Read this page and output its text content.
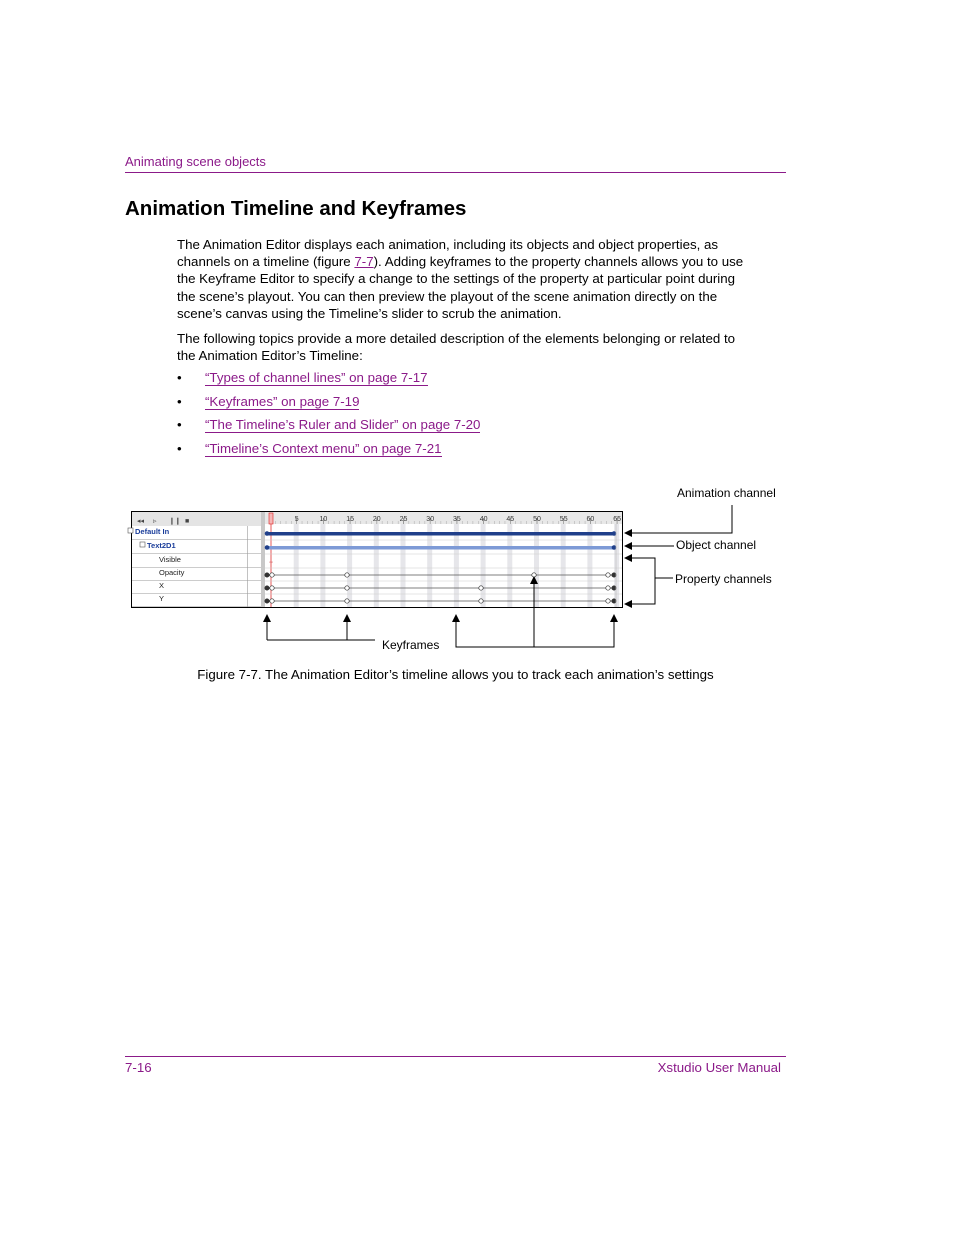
Animating scene objects
Animation Timeline and Keyframes

The Animation Editor displays each animation, including its objects and object properties, as channels on a timeline (figure 7-7). Adding keyframes to the property channels allows you to use the Keyframe Editor to specify a change to the settings of the property at particular point during the scene’s playout. You can then preview the playout of the scene animation directly on the scene’s canvas using the Timeline’s slider to scrub the animation.

The following topics provide a more detailed description of the elements belonging or related to the Animation Editor’s Timeline:

• “Types of channel lines” on page 7-17
• “Keyframes” on page 7-19
• “The Timeline’s Ruler and Slider” on page 7-20
• “Timeline’s Context menu” on page 7-21
◂◂ ▹ ❙❙ ■
Default In
Text2D1
Visible
Opacity
X
Y
5	10	15	20	25	30	35	40	45	50	55	60	65
◦◦
Animation channel
Object channel
Property channels
Keyframes
Figure 7-7. The Animation Editor’s timeline allows you to track each animation’s settings
7-16	Xstudio User Manual
